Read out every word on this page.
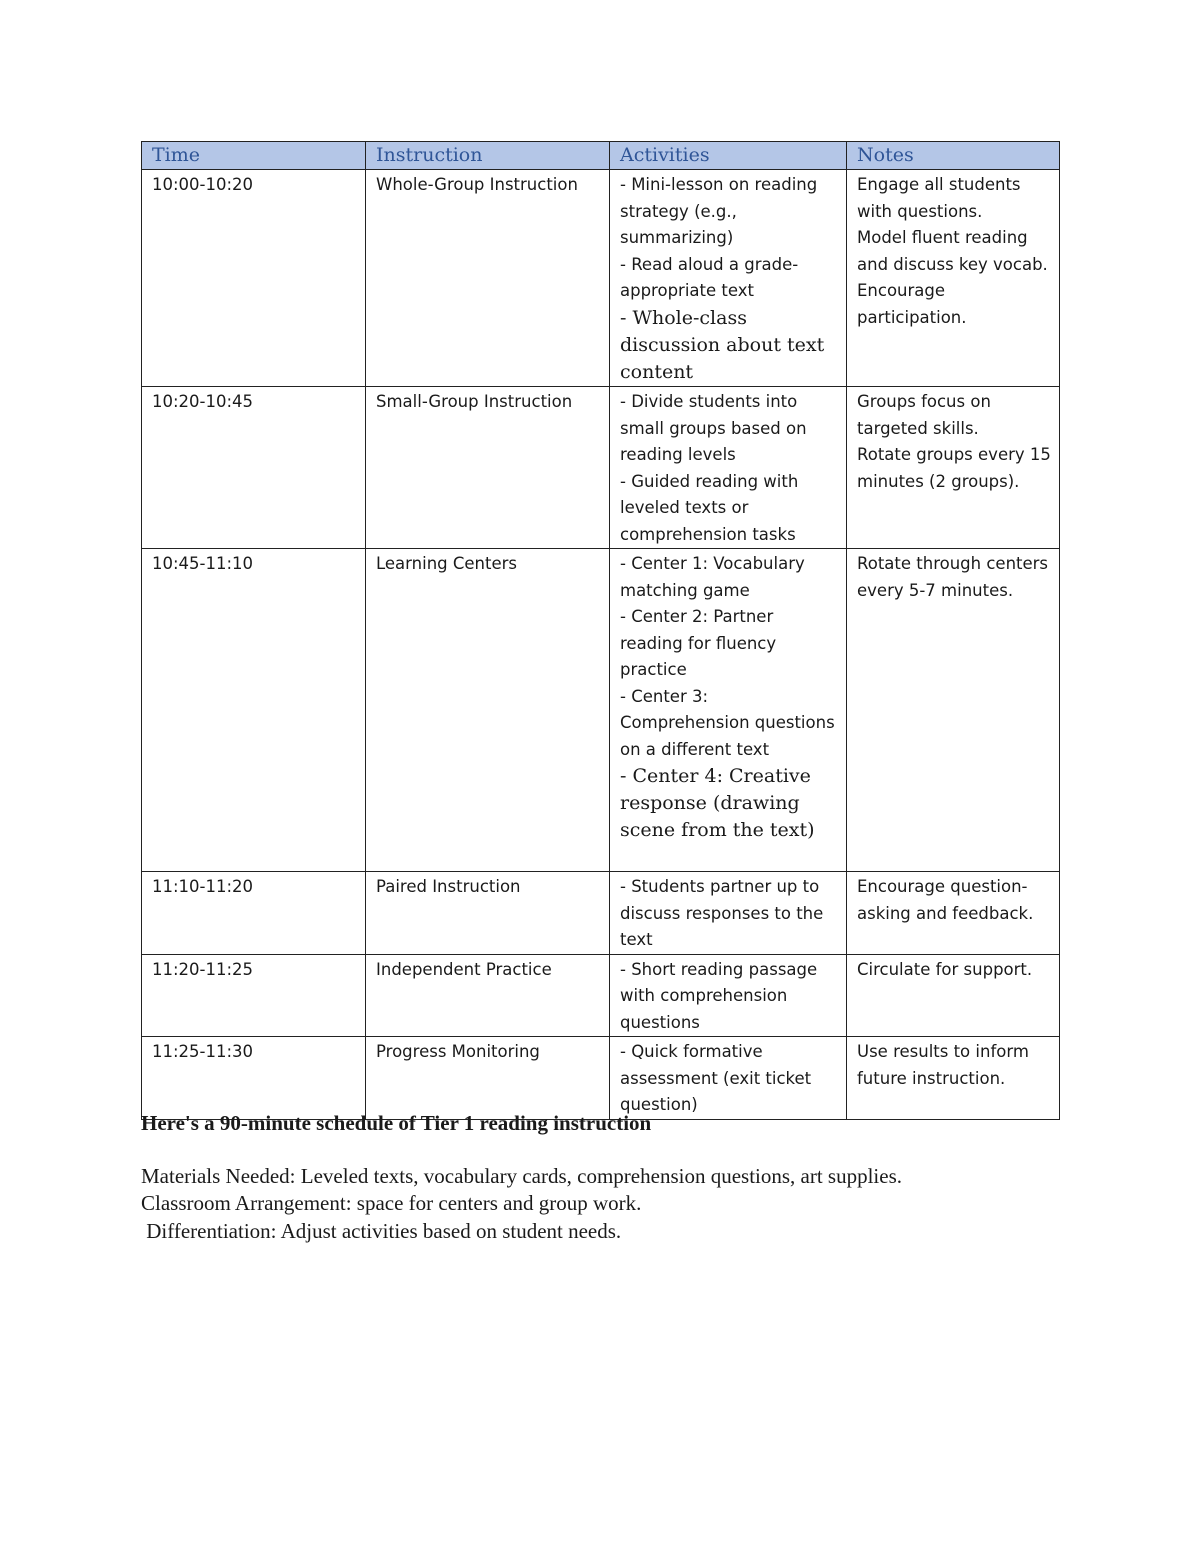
Time	Instruction	Activities	Notes
10:00-10:20	Whole-Group Instruction	- Mini-lesson on reading strategy (e.g., summarizing)
- Read aloud a grade-appropriate text
- Whole-class discussion about text content	Engage all students with questions.
Model fluent reading and discuss key vocab.
Encourage participation.

10:20-10:45	Small-Group Instruction	- Divide students into small groups based on reading levels
- Guided reading with leveled texts or comprehension tasks	Groups focus on targeted skills.
Rotate groups every 15 minutes (2 groups).

10:45-11:10	Learning Centers	- Center 1: Vocabulary matching game
- Center 2: Partner reading for fluency practice
- Center 3: Comprehension questions on a different text
- Center 4: Creative response (drawing scene from the text)	Rotate through centers every 5-7 minutes.

11:10-11:20	Paired Instruction	- Students partner up to discuss responses to the text	Encourage question-asking and feedback.

11:20-11:25	Independent Practice	- Short reading passage with comprehension questions	Circulate for support.

11:25-11:30	Progress Monitoring	- Quick formative assessment (exit ticket question)	Use results to inform future instruction.

Here's a 90-minute schedule of Tier 1 reading instruction

Materials Needed: Leveled texts, vocabulary cards, comprehension questions, art supplies.

Classroom Arrangement: space for centers and group work.

Differentiation: Adjust activities based on student needs.
